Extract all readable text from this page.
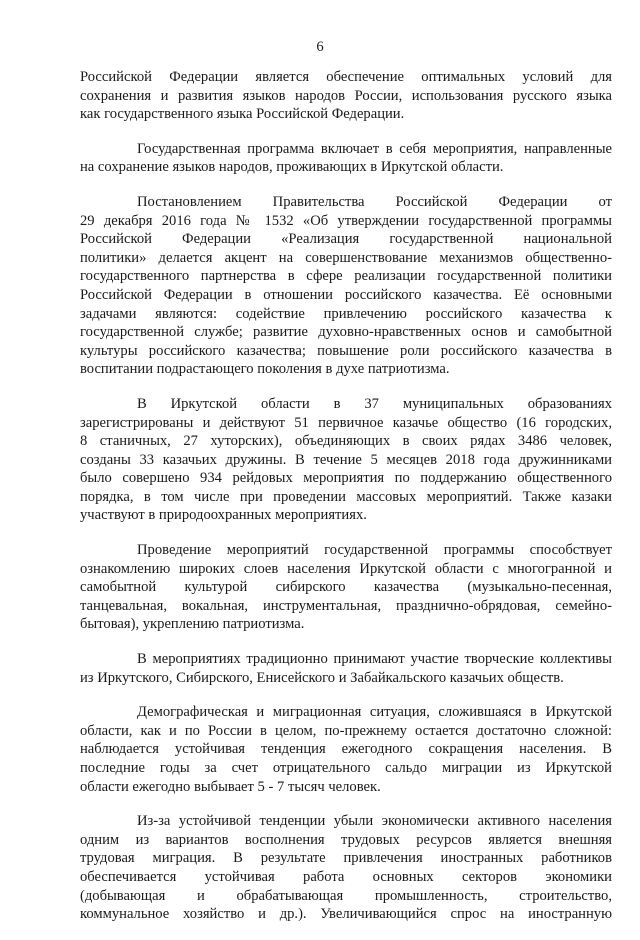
6
Российской Федерации является обеспечение оптимальных условий для
сохранения и развития языков народов России, использования русского языка
как государственного языка Российской Федерации.
Государственная программа включает в себя мероприятия, направленные
на сохранение языков народов, проживающих в Иркутской области.
Постановлением Правительства Российской Федерации от
29 декабря 2016 года № 1532 «Об утверждении государственной программы
Российской Федерации «Реализация государственной национальной
политики» делается акцент на совершенствование механизмов общественно-
государственного партнерства в сфере реализации государственной политики
Российской Федерации в отношении российского казачества. Её основными
задачами являются: содействие привлечению российского казачества к
государственной службе; развитие духовно-нравственных основ и самобытной
культуры российского казачества; повышение роли российского казачества в
воспитании подрастающего поколения в духе патриотизма.
В Иркутской области в 37 муниципальных образованиях
зарегистрированы и действуют 51 первичное казачье общество (16 городских,
8 станичных, 27 хуторских), объединяющих в своих рядах 3486 человек,
созданы 33 казачьих дружины. В течение 5 месяцев 2018 года дружинниками
было совершено 934 рейдовых мероприятия по поддержанию общественного
порядка, в том числе при проведении массовых мероприятий. Также казаки
участвуют в природоохранных мероприятиях.
Проведение мероприятий государственной программы способствует
ознакомлению широких слоев населения Иркутской области с многогранной и
самобытной культурой сибирского казачества (музыкально-песенная,
танцевальная, вокальная, инструментальная, празднично-обрядовая, семейно-
бытовая), укреплению патриотизма.
В мероприятиях традиционно принимают участие творческие коллективы
из Иркутского, Сибирского, Енисейского и Забайкальского казачьих обществ.
Демографическая и миграционная ситуация, сложившаяся в Иркутской
области, как и по России в целом, по-прежнему остается достаточно сложной:
наблюдается устойчивая тенденция ежегодного сокращения населения. В
последние годы за счет отрицательного сальдо миграции из Иркутской
области ежегодно выбывает 5 - 7 тысяч человек.
Из-за устойчивой тенденции убыли экономически активного населения
одним из вариантов восполнения трудовых ресурсов является внешняя
трудовая миграция. В результате привлечения иностранных работников
обеспечивается устойчивая работа основных секторов экономики
(добывающая и обрабатывающая промышленность, строительство,
коммунальное хозяйство и др.). Увеличивающийся спрос на иностранную
